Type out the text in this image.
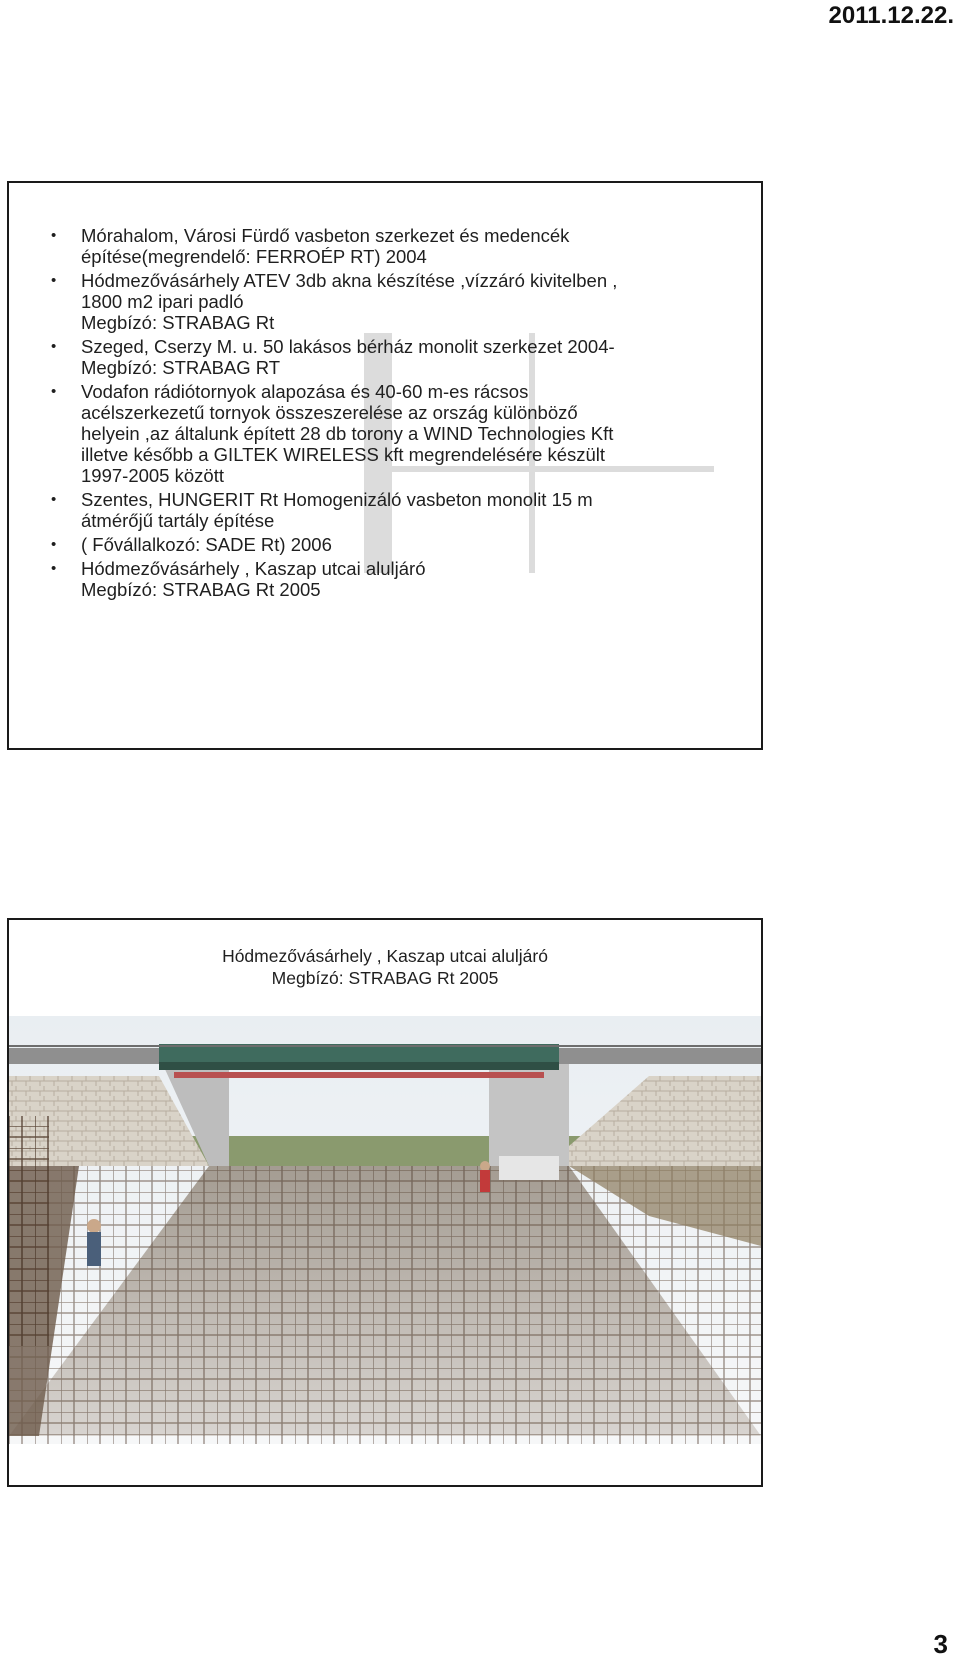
2011.12.22.
• Mórahalom, Városi Fürdő vasbeton szerkezet és medencék
építése(megrendelő: FERROÉP RT) 2004
• Hódmezővásárhely ATEV 3db akna készítése ,vízzáró kivitelben ,
1800 m2 ipari padló
Megbízó: STRABAG Rt
• Szeged, Cserzy M. u. 50 lakásos bérház monolit szerkezet 2004-
Megbízó: STRABAG RT
• Vodafon rádiótornyok alapozása és 40-60 m-es rácsos
acélszerkezetű tornyok összeszerelése az ország különböző
helyein ,az általunk épített 28 db torony a WIND Technologies Kft
illetve később a GILTEK WIRELESS kft megrendelésére készült
1997-2005 között
• Szentes, HUNGERIT Rt Homogenizáló vasbeton monolit 15 m
átmérőjű tartály építése
• ( Fővállalkozó: SADE Rt) 2006
• Hódmezővásárhely , Kaszap utcai aluljáró
Megbízó: STRABAG Rt 2005
Hódmezővásárhely , Kaszap utcai aluljáró
Megbízó: STRABAG Rt 2005
3
